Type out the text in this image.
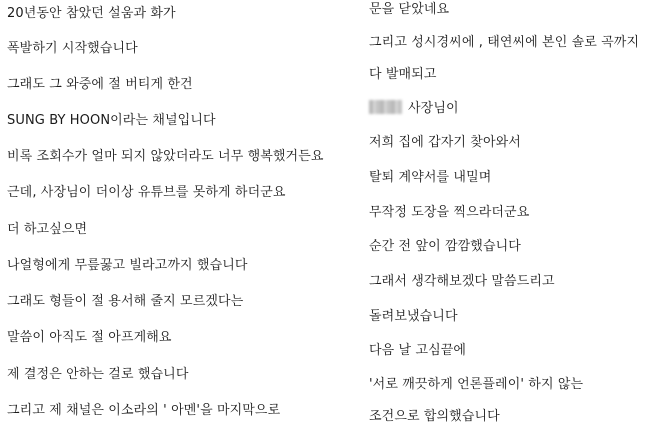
20년동안 참았던 설움과 화가
폭발하기 시작했습니다
그래도 그 와중에 절 버티게 한건
SUNG BY HOON이라는 채널입니다
비록 조회수가 얼마 되지 않았더라도 너무 행복했거든요
근데, 사장님이 더이상 유튜브를 못하게 하더군요
더 하고싶으면
나얼형에게 무릎꿇고 빌라고까지 했습니다
그래도 형들이 절 용서해 줄지 모르겠다는
말씀이 아직도 절 아프게해요
제 결정은 안하는 걸로 했습니다
그리고 제 채널은 이소라의 ' 아멘'을 마지막으로
문을 닫았네요
그리고 성시경씨에 , 태연씨에 본인 솔로 곡까지
다 발매되고
사장님이
저희 집에 갑자기 찾아와서
탈퇴 계약서를 내밀며
무작정 도장을 찍으라더군요
순간 전 앞이 깜깜했습니다
그래서 생각해보겠다 말씀드리고
돌려보냈습니다
다음 날 고심끝에
'서로 깨끗하게 언론플레이' 하지 않는
조건으로 합의했습니다
